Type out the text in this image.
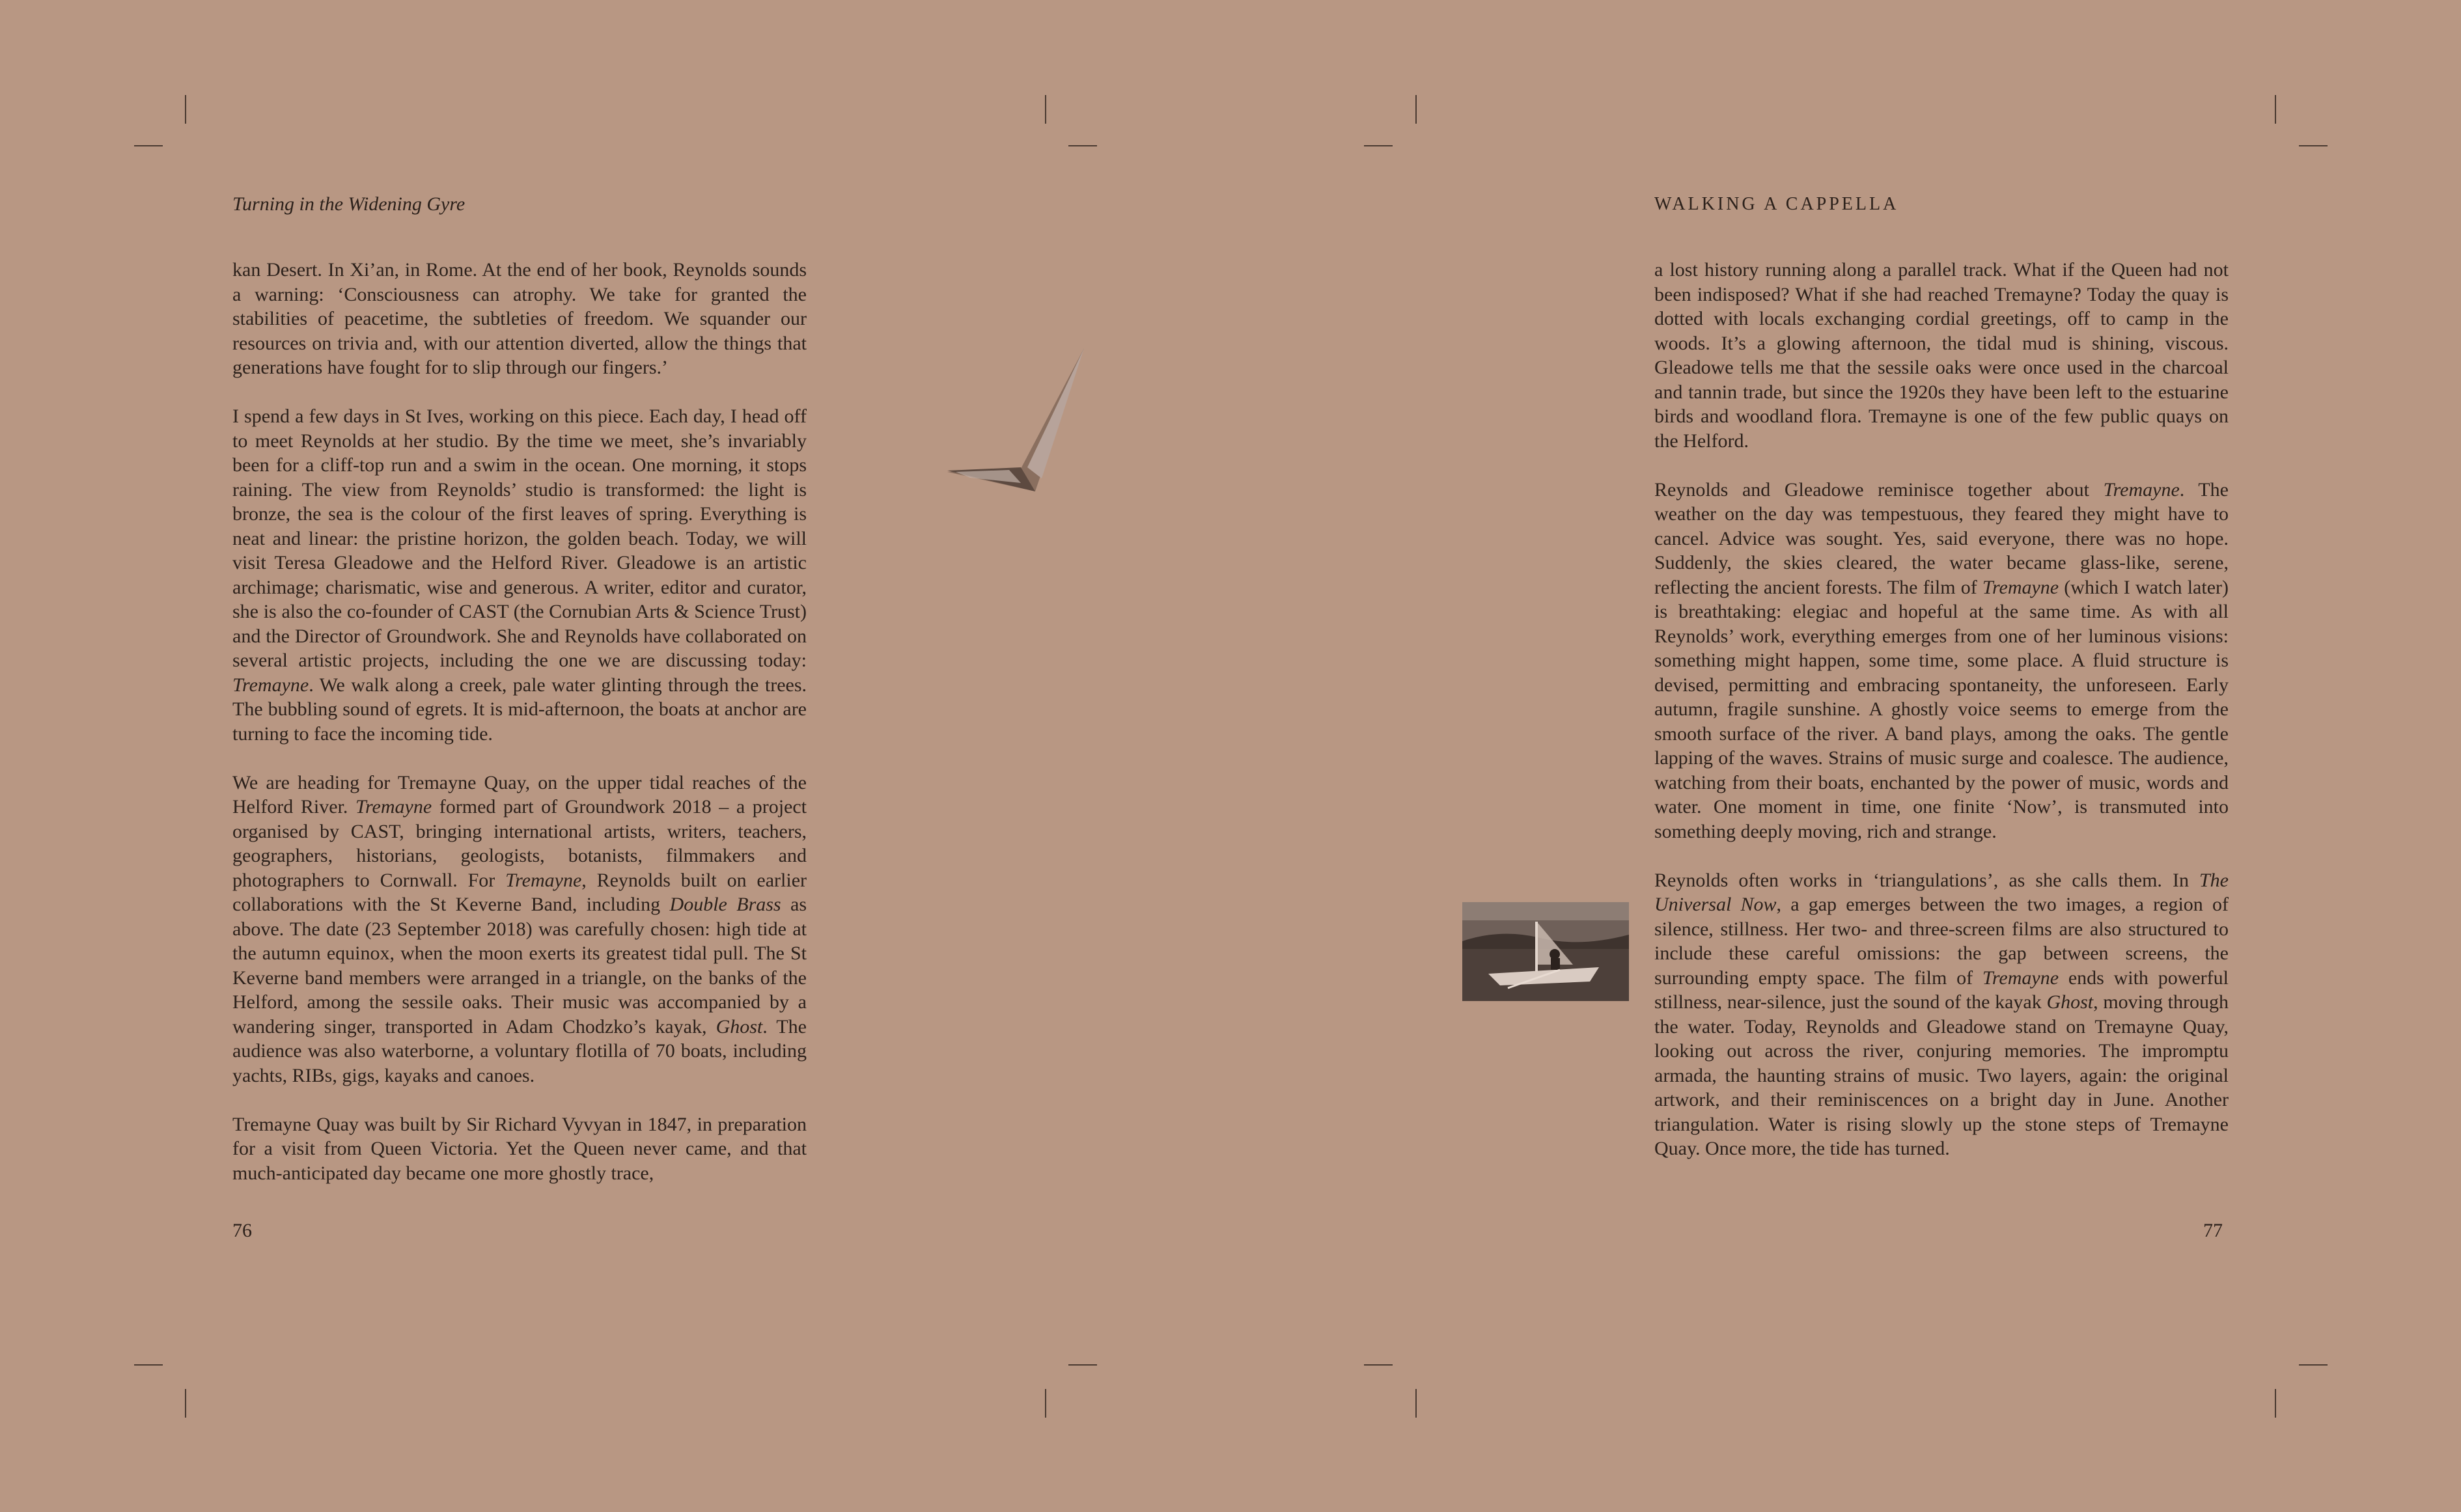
Turning in the Widening Gyre

kan Desert. In Xi’an, in Rome. At the end of her book, Reynolds sounds a warning: ‘Consciousness can atrophy. We take for granted the stabilities of peacetime, the subtleties of freedom. We squander our resources on trivia and, with our attention diverted, allow the things that generations have fought for to slip through our fingers.’

I spend a few days in St Ives, working on this piece. Each day, I head off to meet Reynolds at her studio. By the time we meet, she’s invariably been for a cliff-top run and a swim in the ocean. One morning, it stops raining. The view from Reynolds’ studio is transformed: the light is bronze, the sea is the colour of the first leaves of spring. Everything is neat and linear: the pristine horizon, the golden beach. Today, we will visit Teresa Gleadowe and the Helford River. Gleadowe is an artistic archimage; charismatic, wise and generous. A writer, editor and curator, she is also the co-founder of CAST (the Cornubian Arts & Science Trust) and the Director of Groundwork. She and Reynolds have collaborated on several artistic projects, including the one we are discussing today: Tremayne. We walk along a creek, pale water glinting through the trees. The bubbling sound of egrets. It is mid-afternoon, the boats at anchor are turning to face the incoming tide.

We are heading for Tremayne Quay, on the upper tidal reaches of the Helford River. Tremayne formed part of Groundwork 2018 – a project organised by CAST, bringing international artists, writers, teachers, geographers, historians, geologists, botanists, filmmakers and photographers to Cornwall. For Tremayne, Reynolds built on earlier collaborations with the St Keverne Band, including Double Brass as above. The date (23 September 2018) was carefully chosen: high tide at the autumn equinox, when the moon exerts its greatest tidal pull. The St Keverne band members were arranged in a triangle, on the banks of the Helford, among the sessile oaks. Their music was accompanied by a wandering singer, transported in Adam Chodzko’s kayak, Ghost. The audience was also waterborne, a voluntary flotilla of 70 boats, including yachts, RIBs, gigs, kayaks and canoes.

Tremayne Quay was built by Sir Richard Vyvyan in 1847, in preparation for a visit from Queen Victoria. Yet the Queen never came, and that much-anticipated day became one more ghostly trace,

76
WALKING A CAPPELLA

a lost history running along a parallel track. What if the Queen had not been indisposed? What if she had reached Tremayne? Today the quay is dotted with locals exchanging cordial greetings, off to camp in the woods. It’s a glowing afternoon, the tidal mud is shining, viscous. Gleadowe tells me that the sessile oaks were once used in the charcoal and tannin trade, but since the 1920s they have been left to the estuarine birds and woodland flora. Tremayne is one of the few public quays on the Helford.

Reynolds and Gleadowe reminisce together about Tremayne. The weather on the day was tempestuous, they feared they might have to cancel. Advice was sought. Yes, said everyone, there was no hope. Suddenly, the skies cleared, the water became glass-like, serene, reflecting the ancient forests. The film of Tremayne (which I watch later) is breathtaking: elegiac and hopeful at the same time. As with all Reynolds’ work, everything emerges from one of her luminous visions: something might happen, some time, some place. A fluid structure is devised, permitting and embracing spontaneity, the unforeseen. Early autumn, fragile sunshine. A ghostly voice seems to emerge from the smooth surface of the river. A band plays, among the oaks. The gentle lapping of the waves. Strains of music surge and coalesce. The audience, watching from their boats, enchanted by the power of music, words and water. One moment in time, one finite ‘Now’, is transmuted into something deeply moving, rich and strange.

Reynolds often works in ‘triangulations’, as she calls them. In The Universal Now, a gap emerges between the two images, a region of silence, stillness. Her two- and three-screen films are also structured to include these careful omissions: the gap between screens, the surrounding empty space. The film of Tremayne ends with powerful stillness, near-silence, just the sound of the kayak Ghost, moving through the water. Today, Reynolds and Gleadowe stand on Tremayne Quay, looking out across the river, conjuring memories. The impromptu armada, the haunting strains of music. Two layers, again: the original artwork, and their reminiscences on a bright day in June. Another triangulation. Water is rising slowly up the stone steps of Tremayne Quay. Once more, the tide has turned.

77
